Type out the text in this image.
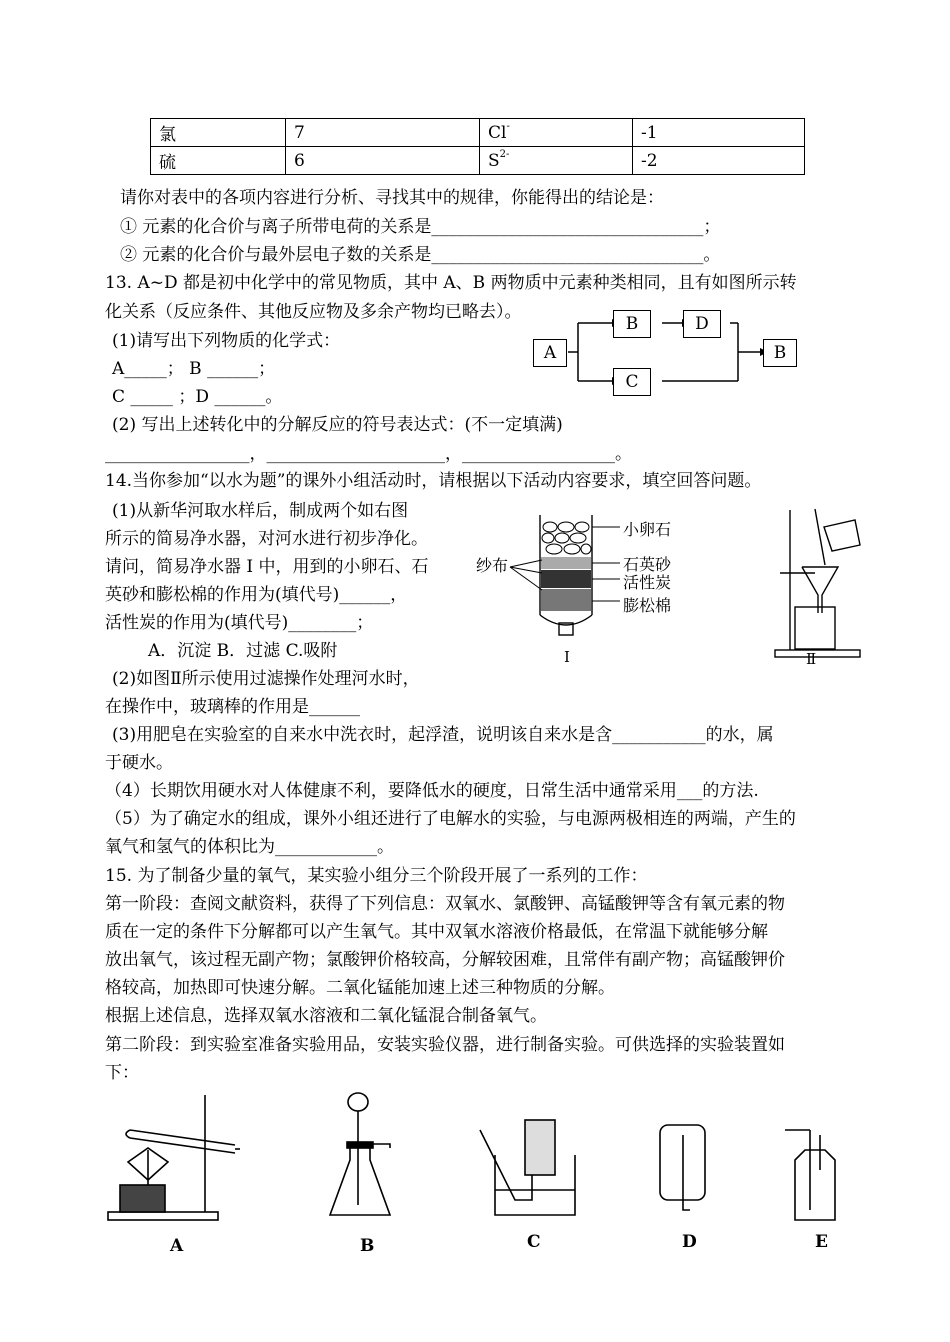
氯	7	Cl-	-1
硫	6	$S^{2-}$	-2
请你对表中的各项内容进行分析、寻找其中的规律，你能得出的结论是：
① 元素的化合价与离子所带电荷的关系是________________________________；
② 元素的化合价与最外层电子数的关系是________________________________。
13. A~D 都是初中化学中的常见物质，其中 A、B 两物质中元素种类相同，且有如图所示转
化关系（反应条件、其他反应物及多余产物均已略去）。
(1)请写出下列物质的化学式：
A_____； B ______；
C _____ ；D ______。
(2) 写出上述转化中的分解反应的符号表达式：(不一定填满)
_________________，_____________________，__________________。
A
B	D
C
B
14.当你参加“以水为题”的课外小组活动时，请根据以下活动内容要求，填空回答问题。
(1)从新华河取水样后，制成两个如右图
所示的简易净水器，对河水进行初步净化。
请问，简易净水器 I 中，用到的小卵石、石
英砂和膨松棉的作用为(填代号)______，
活性炭的作用为(填代号)________；
A．沉淀 B．过滤 C.吸附
(2)如图Ⅱ所示使用过滤操作处理河水时，
在操作中，玻璃棒的作用是______
小卵石
石英砂
活性炭
膨松棉
纱布
Ⅰ	Ⅱ
(3)用肥皂在实验室的自来水中洗衣时，起浮渣，说明该自来水是含___________的水，属
于硬水。
（4）长期饮用硬水对人体健康不利，要降低水的硬度，日常生活中通常采用___的方法.
（5）为了确定水的组成，课外小组还进行了电解水的实验，与电源两极相连的两端，产生的
氧气和氢气的体积比为____________。
15. 为了制备少量的氧气，某实验小组分三个阶段开展了一系列的工作：
第一阶段：查阅文献资料，获得了下列信息：双氧水、氯酸钾、高锰酸钾等含有氧元素的物
质在一定的条件下分解都可以产生氧气。其中双氧水溶液价格最低，在常温下就能够分解
放出氧气，该过程无副产物；氯酸钾价格较高，分解较困难，且常伴有副产物；高锰酸钾价
格较高，加热即可快速分解。二氧化锰能加速上述三种物质的分解。
根据上述信息，选择双氧水溶液和二氧化锰混合制备氧气。
第二阶段：到实验室准备实验用品，安装实验仪器，进行制备实验。可供选择的实验装置如
下：
A	B	C	D	E
